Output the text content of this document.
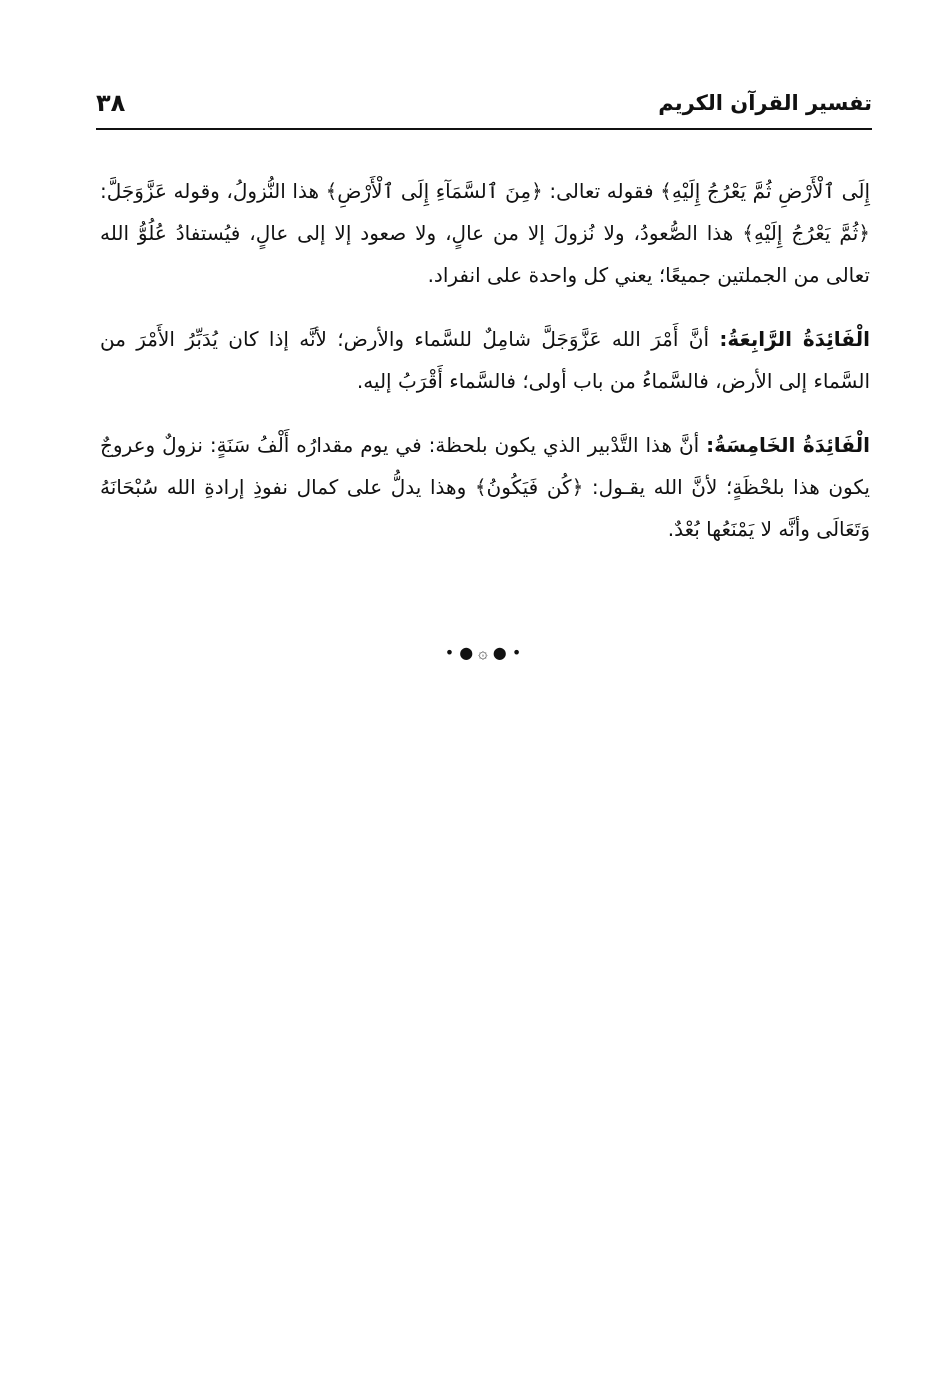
٣٨	تفسير القرآن الكريم

إِلَى ٱلْأَرْضِ ثُمَّ يَعْرُجُ إِلَيْهِ﴾ فقوله تعالى: ﴿مِنَ ٱلسَّمَآءِ إِلَى ٱلْأَرْضِ﴾ هذا النُّزولُ، وقوله عَزَّوَجَلَّ: ﴿ثُمَّ يَعْرُجُ إِلَيْهِ﴾ هذا الصُّعودُ، ولا نُزولَ إلا من عالٍ، ولا صعود إلا إلى عالٍ، فيُستفادُ عُلُوُّ الله تعالى من الجملتين جميعًا؛ يعني كل واحدة على انفراد.

الْفَائِدَةُ الرَّابِعَةُ: أنَّ أَمْرَ الله عَزَّوَجَلَّ شامِلٌ للسَّماء والأرض؛ لأنَّه إذا كان يُدَبِّرُ الأَمْرَ من السَّماء إلى الأرض، فالسَّماءُ من باب أولى؛ فالسَّماء أَقْرَبُ إليه.

الْفَائِدَةُ الخَامِسَةُ: أنَّ هذا التَّدْبير الذي يكون بلحظة: في يوم مقدارُه أَلْفُ سَنَةٍ: نزولٌ وعروجٌ يكون هذا بلحْظَةٍ؛ لأنَّ الله يقـول: ﴿كُن فَيَكُونُ﴾ وهذا يدلُّ على كمال نفوذِ إرادةِ الله سُبْحَانَهُ وَتَعَالَى وأنَّه لا يَمْنَعُها بُعْدٌ.

• ● ۞ ● •
